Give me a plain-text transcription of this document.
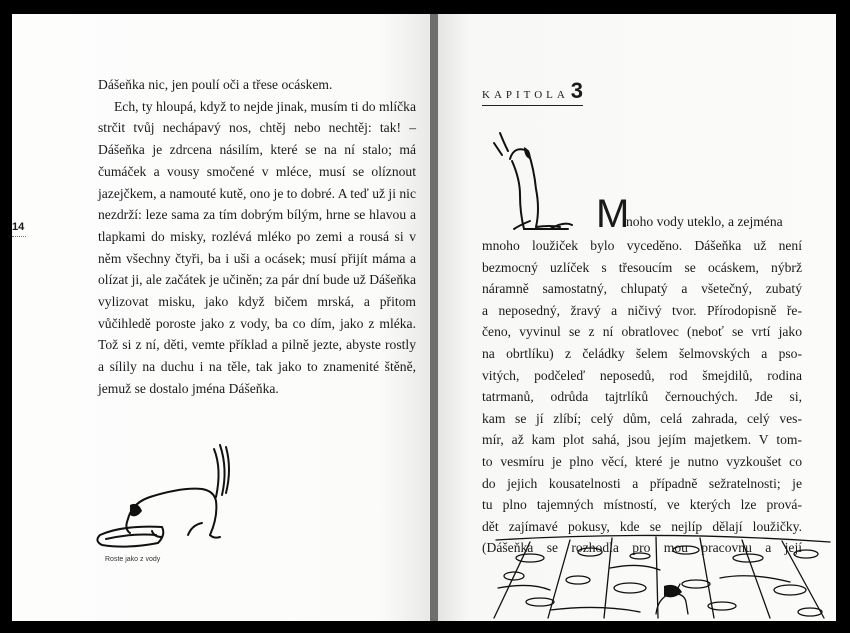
14

Dášeňka nic, jen poulí oči a třese ocáskem.

Ech, ty hloupá, když to nejde jinak, musím ti do mlíčka strčit tvůj nechápavý nos, chtěj nebo nechtěj: tak! – Dášeňka je zdrcena násilím, které se na ní stalo; má čumáček a vousy smočené v mléce, musí se olíznout jazejčkem, a namouté kutě, ono je to dobré. A teď už ji nic nezdrží: leze sama za tím dobrým bílým, hrne se hlavou a tlapkami do misky, rozlévá mléko po zemi a rousá si v něm všechny čtyři, ba i uši a ocásek; musí přijít máma a olízat ji, ale začátek je učiněn; za pár dní bude už Dášeňka vylizovat misku, jako když bičem mrská, a přitom vůčihledě poroste jako z vody, ba co dím, jako z mléka. Tož si z ní, děti, vemte příklad a pilně jezte, abyste rostly a sílily na duchu i na těle, tak jako to znamenité štěně, jemuž se dostalo jména Dášeňka.

Roste jako z vody
KAPITOLA3
M
noho vody uteklo, a zejména
mnoho loužiček bylo vyceděno. Dášeňka už není
bezmocný uzlíček s třesoucím se ocáskem, nýbrž
náramně samostatný, chlupatý a všetečný, zubatý
a neposedný, žravý a ničivý tvor. Přírodopisně ře-
čeno, vyvinul se z ní obratlovec (neboť se vrtí jako
na obrtlíku) z čeládky šelem šelmovských a pso-
vitých, podčeleď neposedů, rod šmejdilů, rodina
tatrmanů, odrůda tajtrlíků černouchých. Jde si,
kam se jí zlíbí; celý dům, celá zahrada, celý ves-
mír, až kam plot sahá, jsou jejím majetkem. V tom-
to vesmíru je plno věcí, které je nutno vyzkoušet co
do jejich kousatelnosti a případně sežratelnosti; je
tu plno tajemných místností, ve kterých lze prová-
dět zajímavé pokusy, kde se nejlíp dělají loužičky.
(Dášeňka se rozhodla pro mou pracovnu a její
